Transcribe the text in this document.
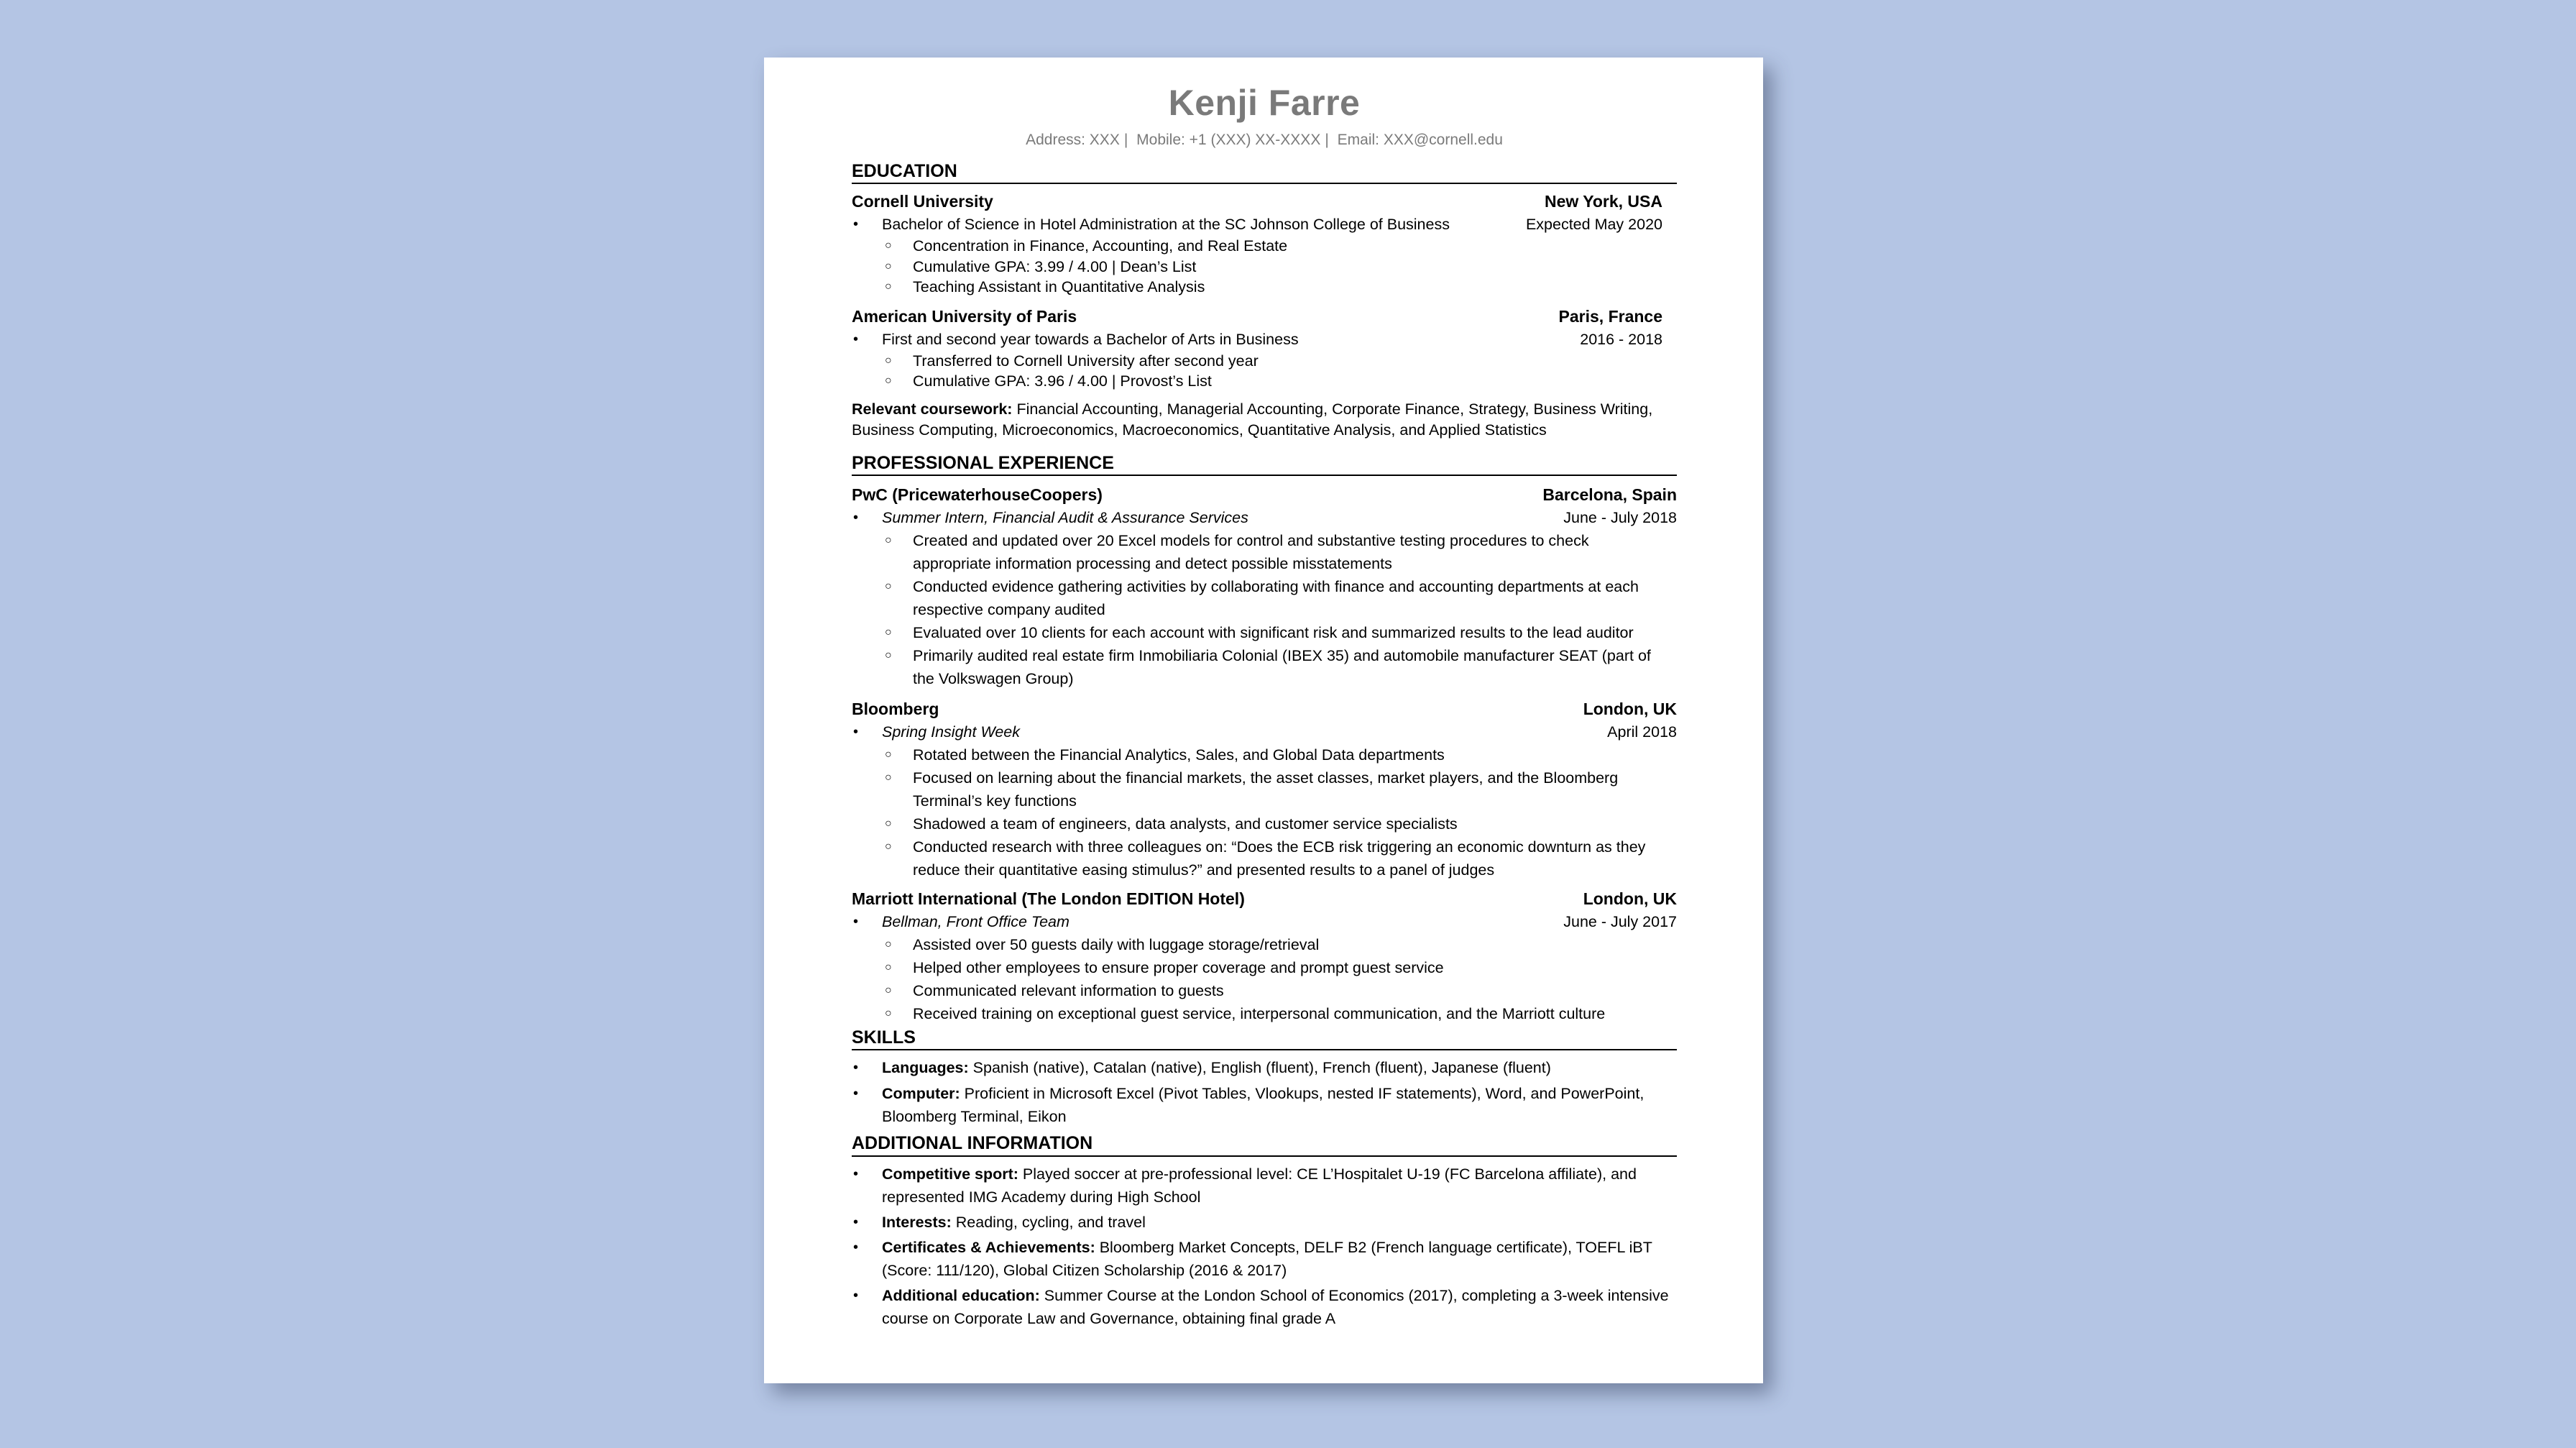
Kenji Farre
Address: XXX | Mobile: +1 (XXX) XX-XXXX | Email: XXX@cornell.edu
EDUCATION
Cornell University	New York, USA
• Bachelor of Science in Hotel Administration at the SC Johnson College of Business	Expected May 2020
○ Concentration in Finance, Accounting, and Real Estate
○ Cumulative GPA: 3.99 / 4.00 | Dean’s List
○ Teaching Assistant in Quantitative Analysis
American University of Paris	Paris, France
• First and second year towards a Bachelor of Arts in Business	2016 - 2018
○ Transferred to Cornell University after second year
○ Cumulative GPA: 3.96 / 4.00 | Provost’s List
Relevant coursework: Financial Accounting, Managerial Accounting, Corporate Finance, Strategy, Business Writing, Business Computing, Microeconomics, Macroeconomics, Quantitative Analysis, and Applied Statistics
PROFESSIONAL EXPERIENCE
PwC (PricewaterhouseCoopers)	Barcelona, Spain
• Summer Intern, Financial Audit & Assurance Services	June - July 2018
○ Created and updated over 20 Excel models for control and substantive testing procedures to check appropriate information processing and detect possible misstatements
○ Conducted evidence gathering activities by collaborating with finance and accounting departments at each respective company audited
○ Evaluated over 10 clients for each account with significant risk and summarized results to the lead auditor
○ Primarily audited real estate firm Inmobiliaria Colonial (IBEX 35) and automobile manufacturer SEAT (part of the Volkswagen Group)
Bloomberg	London, UK
• Spring Insight Week	April 2018
○ Rotated between the Financial Analytics, Sales, and Global Data departments
○ Focused on learning about the financial markets, the asset classes, market players, and the Bloomberg Terminal’s key functions
○ Shadowed a team of engineers, data analysts, and customer service specialists
○ Conducted research with three colleagues on: “Does the ECB risk triggering an economic downturn as they reduce their quantitative easing stimulus?” and presented results to a panel of judges
Marriott International (The London EDITION Hotel)	London, UK
• Bellman, Front Office Team	June - July 2017
○ Assisted over 50 guests daily with luggage storage/retrieval
○ Helped other employees to ensure proper coverage and prompt guest service
○ Communicated relevant information to guests
○ Received training on exceptional guest service, interpersonal communication, and the Marriott culture
SKILLS
• Languages: Spanish (native), Catalan (native), English (fluent), French (fluent), Japanese (fluent)
• Computer: Proficient in Microsoft Excel (Pivot Tables, Vlookups, nested IF statements), Word, and PowerPoint, Bloomberg Terminal, Eikon
ADDITIONAL INFORMATION
• Competitive sport: Played soccer at pre-professional level: CE L’Hospitalet U-19 (FC Barcelona affiliate), and represented IMG Academy during High School
• Interests: Reading, cycling, and travel
• Certificates & Achievements: Bloomberg Market Concepts, DELF B2 (French language certificate), TOEFL iBT (Score: 111/120), Global Citizen Scholarship (2016 & 2017)
• Additional education: Summer Course at the London School of Economics (2017), completing a 3-week intensive course on Corporate Law and Governance, obtaining final grade A
